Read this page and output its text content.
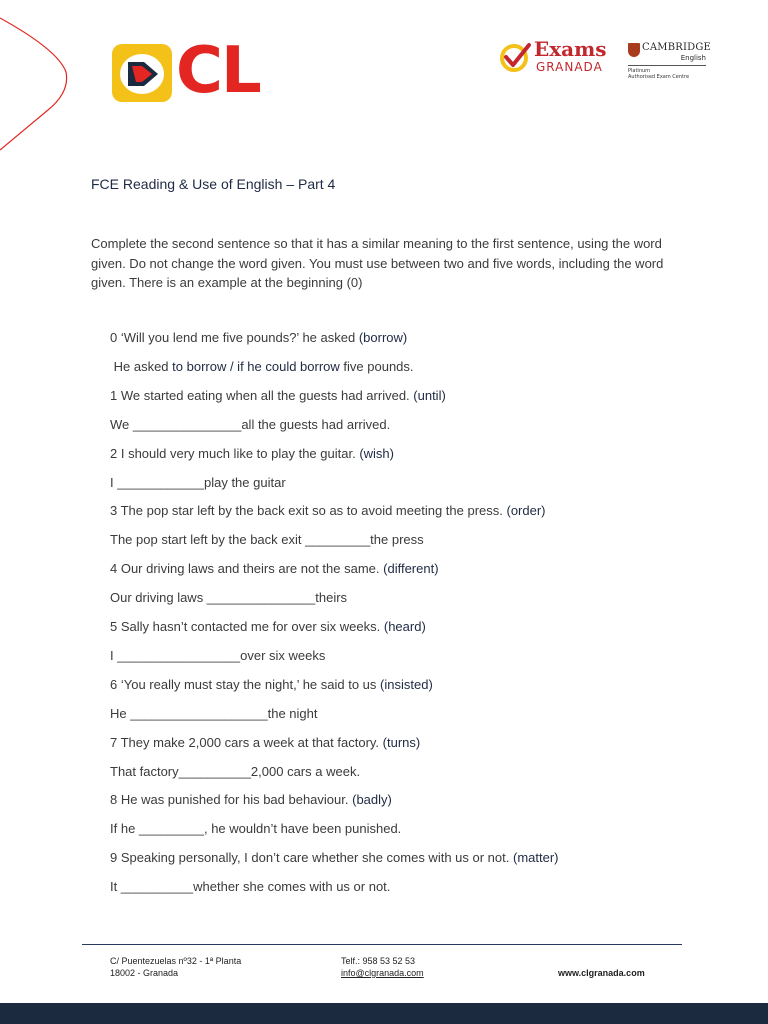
CL	Exams
GRANADA
CAMBRIDGE
English
Platinum
Authorised Exam Centre
FCE Reading & Use of English – Part 4
Complete the second sentence so that it has a similar meaning to the first sentence, using the word given. Do not change the word given. You must use between two and five words, including the word given. There is an example at the beginning (0)
0 ‘Will you lend me five pounds?’ he asked (borrow)
He asked to borrow / if he could borrow five pounds.
1 We started eating when all the guests had arrived. (until)
We _______________all the guests had arrived.
2 I should very much like to play the guitar. (wish)
I ____________play the guitar
3 The pop star left by the back exit so as to avoid meeting the press. (order)
The pop start left by the back exit _________the press
4 Our driving laws and theirs are not the same. (different)
Our driving laws _______________theirs
5 Sally hasn’t contacted me for over six weeks. (heard)
I _________________over six weeks
6 ‘You really must stay the night,’ he said to us (insisted)
He ___________________the night
7 They make 2,000 cars a week at that factory. (turns)
That factory__________2,000 cars a week.
8 He was punished for his bad behaviour. (badly)
If he _________, he wouldn’t have been punished.
9 Speaking personally, I don’t care whether she comes with us or not. (matter)
It __________whether she comes with us or not.
C/ Puentezuelas nº32 - 1ª Planta
18002 - Granada
Telf.: 958 53 52 53
info@clgranada.com	www.clgranada.com
